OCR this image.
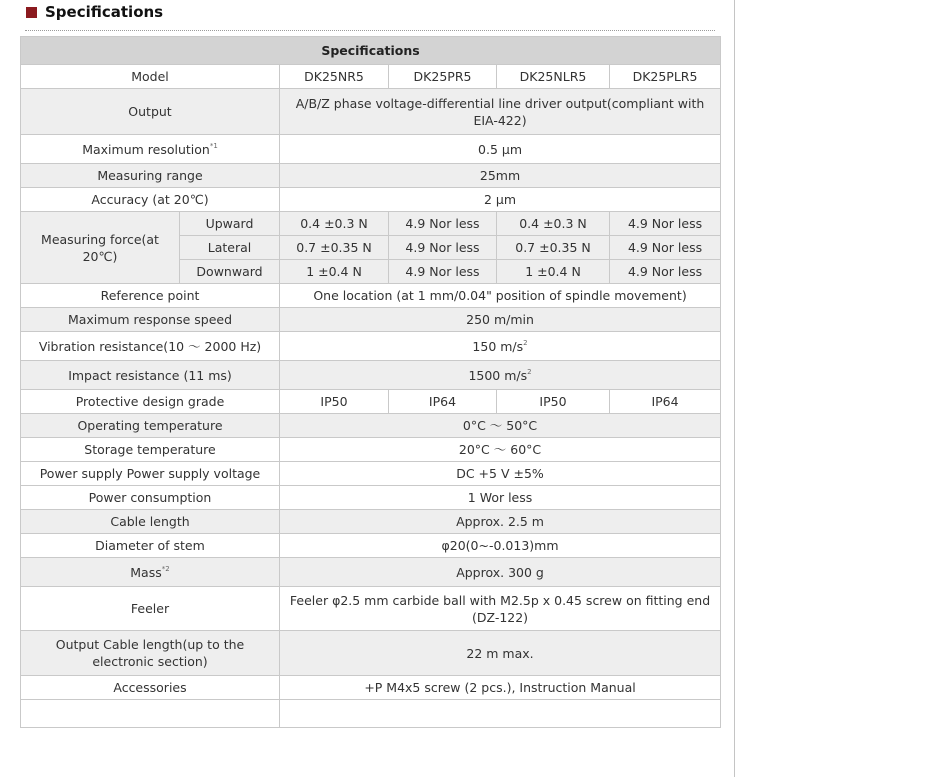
Specifications
Specifications					
Model		DK25NR5	DK25PR5	DK25NLR5	DK25PLR5
Output		A/B/Z phase voltage-differential line driver output(compliant with EIA-422)			
Maximum resolution$^{*1}$		0.5 μm			
Measuring range		25mm			
Accuracy (at 20℃)		2 μm			
Measuring force(at 20℃)	Upward	0.4 ±0.3 N	4.9 Nor less	0.4 ±0.3 N	4.9 Nor less
	Lateral	0.7 ±0.35 N	4.9 Nor less	0.7 ±0.35 N	4.9 Nor less
	Downward	1 ±0.4 N	4.9 Nor less	1 ±0.4 N	4.9 Nor less
Reference point		One location (at 1 mm/0.04" position of spindle movement)			
Maximum response speed		250 m/min			
Vibration resistance(10 ～ 2000 Hz)		150 $m/s^2$
Impact resistance (11 ms)		1500 $m/s^2$
Protective design grade		IP50	IP64	IP50	IP64
Operating temperature		0°C ～ 50°C			
Storage temperature		20°C ～ 60°C			
Power supply Power supply voltage		DC +5 V ±5%			
Power consumption		1 Wor less			
Cable length		Approx. 2.5 m			
Diameter of stem		φ20(0~-0.013)mm			
Mass$^{*2}$		Approx. 300 g			
Feeler		Feeler φ2.5 mm carbide ball with M2.5p x 0.45 screw on fitting end (DZ-122)			
Output Cable length(up to the electronic section)		22 m max.			
Accessories		+P M4x5 screw (2 pcs.), Instruction Manual			
